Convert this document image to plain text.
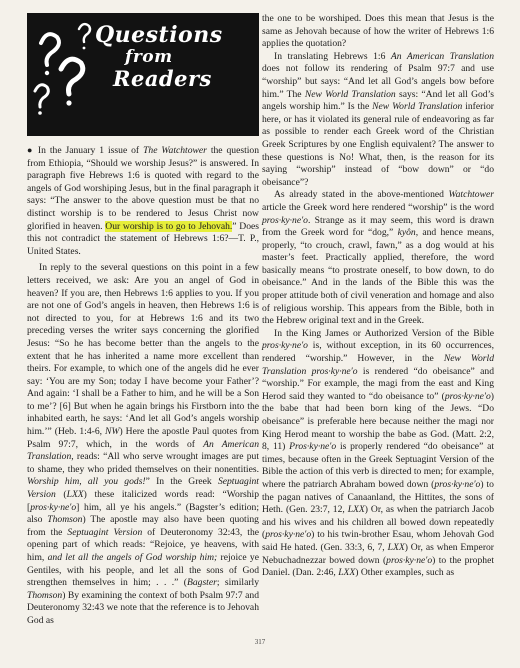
Questions
from
Readers

● In the January 1 issue of The Watchtower the question from Ethiopia, “Should we worship Jesus?” is answered. In paragraph five Hebrews 1:6 is quoted with regard to the angels of God worshiping Jesus, but in the final paragraph it says: “The answer to the above question must be that no distinct worship is to be rendered to Jesus Christ now glorified in heaven. Our worship is to go to Jehovah.” Does this not contradict the statement of Hebrews 1:6?—T. P., United States.

In reply to the several questions on this point in a few letters received, we ask: Are you an angel of God in heaven? If you are, then Hebrews 1:6 applies to you. If you are not one of God’s angels in heaven, then Hebrews 1:6 is not directed to you, for at Hebrews 1:6 and its two preceding verses the writer says concerning the glorified Jesus: “So he has become better than the angels to the extent that he has inherited a name more excellent than theirs. For example, to which one of the angels did he ever say: ‘You are my Son; today I have become your Father’? And again: ‘I shall be a Father to him, and he will be a Son to me’? [6] But when he again brings his Firstborn into the inhabited earth, he says: ‘And let all God’s angels worship him.’” (Heb. 1:4-6, NW) Here the apostle Paul quotes from Psalm 97:7, which, in the words of An American Translation, reads: “All who serve wrought images are put to shame, they who prided themselves on their nonentities. Worship him, all you gods!” In the Greek Septuagint Version (LXX) these italicized words read: “Worship [pros·ky·ne′o] him, all ye his angels.” (Bagster’s edition; also Thomson) The apostle may also have been quoting from the Septuagint Version of Deuteronomy 32:43, the opening part of which reads: “Rejoice, ye heavens, with him, and let all the angels of God worship him; rejoice ye Gentiles, with his people, and let all the sons of God strengthen themselves in him; . . .” (Bagster; similarly Thomson) By examining the context of both Psalm 97:7 and Deuteronomy 32:43 we note that the reference is to Jehovah God as

the one to be worshiped. Does this mean that Jesus is the same as Jehovah because of how the writer of Hebrews 1:6 applies the quotation?

In translating Hebrews 1:6 An American Translation does not follow its rendering of Psalm 97:7 and use “worship” but says: “And let all God’s angels bow before him.” The New World Translation says: “And let all God’s angels worship him.” Is the New World Translation inferior here, or has it violated its general rule of endeavoring as far as possible to render each Greek word of the Christian Greek Scriptures by one English equivalent? The answer to these questions is No! What, then, is the reason for its saying “worship” instead of “bow down” or “do obeisance”?

As already stated in the above-mentioned Watchtower article the Greek word here rendered “worship” is the word pros·ky·ne′o. Strange as it may seem, this word is drawn from the Greek word for “dog,” kyôn, and hence means, properly, “to crouch, crawl, fawn,” as a dog would at his master’s feet. Practically applied, therefore, the word basically means “to prostrate oneself, to bow down, to do obeisance.” And in the lands of the Bible this was the proper attitude both of civil veneration and homage and also of religious worship. This appears from the Bible, both in the Hebrew original text and in the Greek.

In the King James or Authorized Version of the Bible pros·ky·ne′o is, without exception, in its 60 occurrences, rendered “worship.” However, in the New World Translation pros·ky·ne′o is rendered “do obeisance” and “worship.” For example, the magi from the east and King Herod said they wanted to “do obeisance to” (pros·ky·ne′o) the babe that had been born king of the Jews. “Do obeisance” is preferable here because neither the magi nor King Herod meant to worship the babe as God. (Matt. 2:2, 8, 11) Pros·ky·ne′o is properly rendered “do obeisance” at times, because often in the Greek Septuagint Version of the Bible the action of this verb is directed to men; for example, where the patriarch Abraham bowed down (pros·ky·ne′o) to the pagan natives of Canaanland, the Hittites, the sons of Heth. (Gen. 23:7, 12, LXX) Or, as when the patriarch Jacob and his wives and his children all bowed down repeatedly (pros·ky·ne′o) to his twin-brother Esau, whom Jehovah God said He hated. (Gen. 33:3, 6, 7, LXX) Or, as when Emperor Nebuchadnezzar bowed down (pros·ky·ne′o) to the prophet Daniel. (Dan. 2:46, LXX) Other examples, such as

317
